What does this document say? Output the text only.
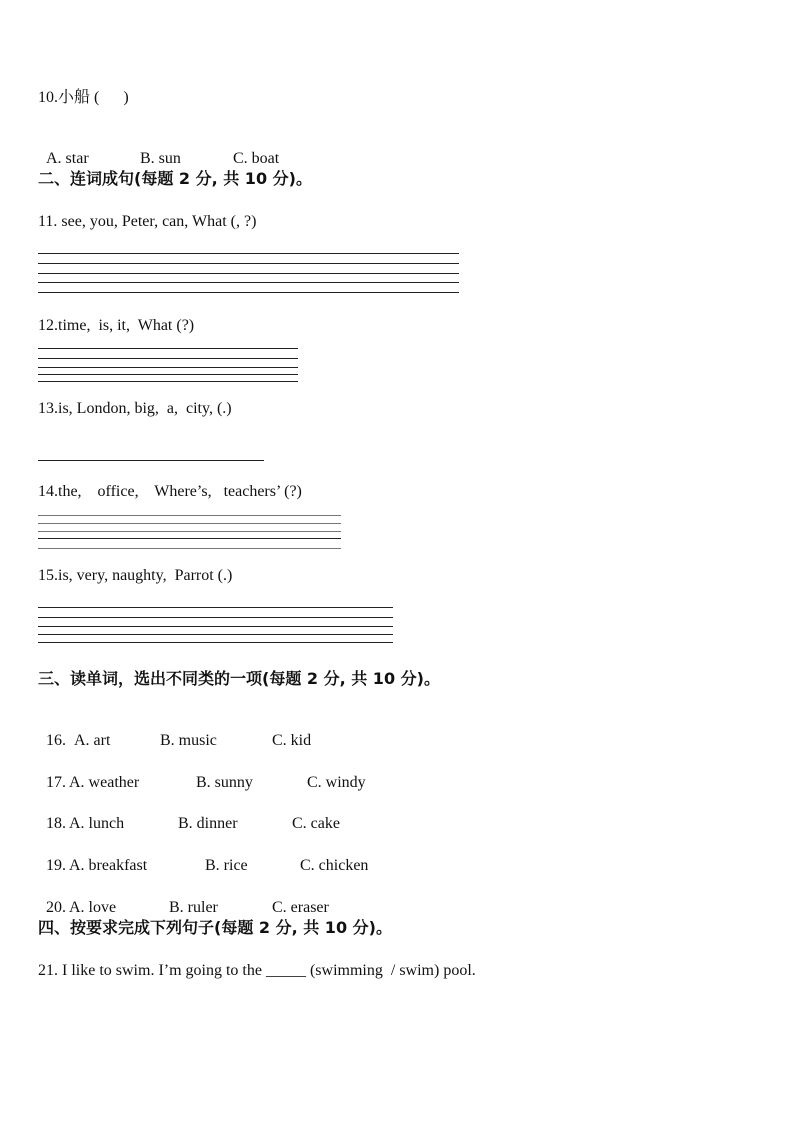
10.小船 (      )

A. star	B. sun	C. boat

二、连词成句(每题 2 分, 共 10 分)。
11. see, you, Peter, can, What (, ?)
12.time,  is, it,  What (?)
13.is, London, big,  a,  city, (.)
14.the,    office,    Where’s,   teachers’ (?)
15.is, very, naughty,  Parrot (.)
三、读单词，选出不同类的一项(每题 2 分, 共 10 分)。

16. A. art	B. music	C. kid

17. A. weather	B. sunny	C. windy

18. A. lunch	B. dinner	C. cake

19. A. breakfast	B. rice	C. chicken

20. A. love	B. ruler	C. eraser

四、按要求完成下列句子(每题 2 分, 共 10 分)。
21. I like to swim. I’m going to the _____ (swimming  / swim) pool.
